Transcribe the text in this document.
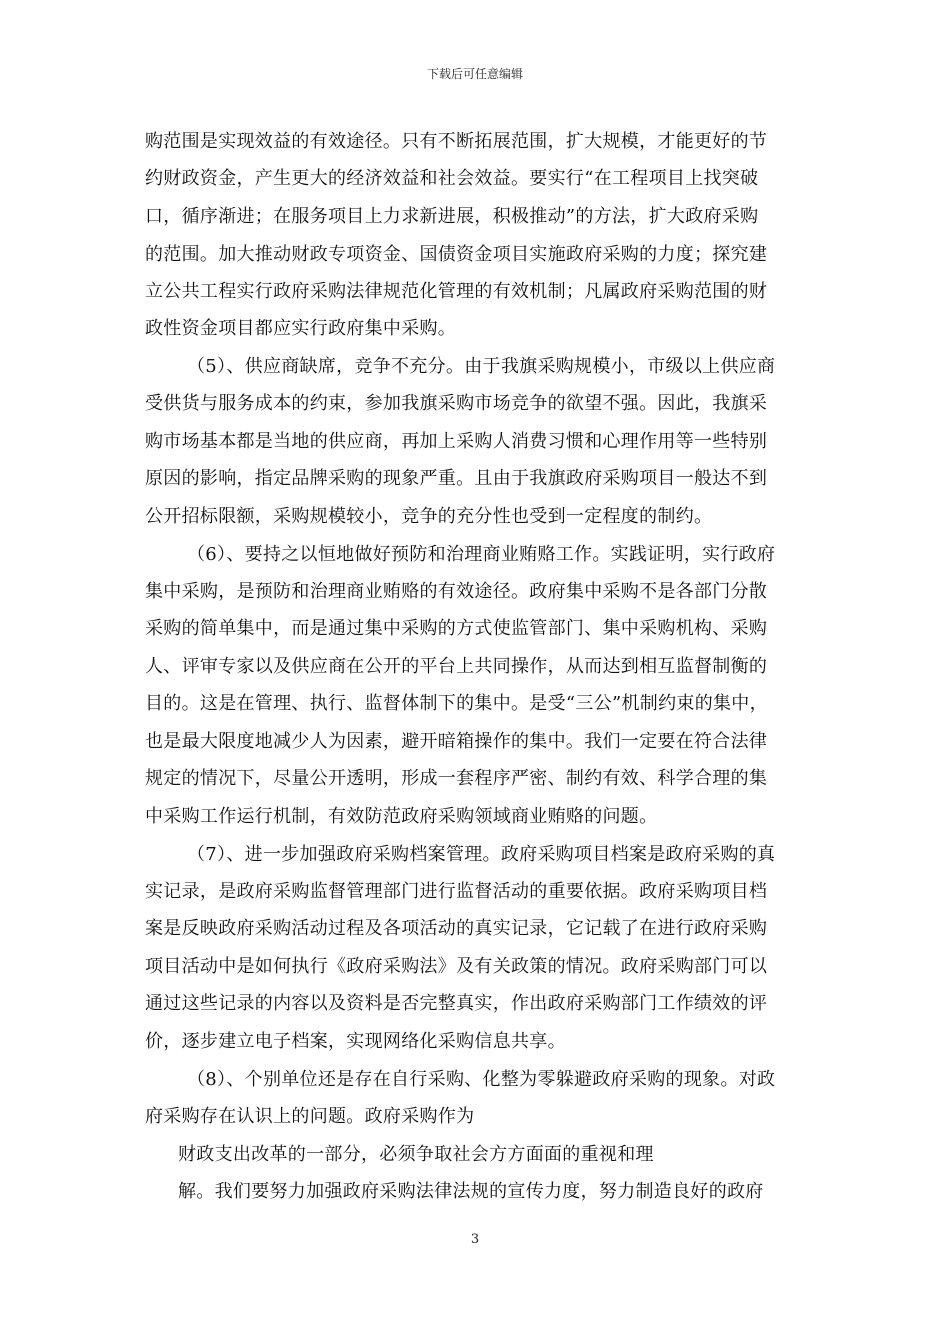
下载后可任意编辑
购范围是实现效益的有效途径。只有不断拓展范围，扩大规模，才能更好的节
约财政资金，产生更大的经济效益和社会效益。要实行“在工程项目上找突破
口，循序渐进；在服务项目上力求新进展，积极推动”的方法，扩大政府采购
的范围。加大推动财政专项资金、国债资金项目实施政府采购的力度；探究建
立公共工程实行政府采购法律规范化管理的有效机制；凡属政府采购范围的财
政性资金项目都应实行政府集中采购。
（5）、供应商缺席，竞争不充分。由于我旗采购规模小，市级以上供应商
受供货与服务成本的约束，参加我旗采购市场竞争的欲望不强。因此，我旗采
购市场基本都是当地的供应商，再加上采购人消费习惯和心理作用等一些特别
原因的影响，指定品牌采购的现象严重。且由于我旗政府采购项目一般达不到
公开招标限额，采购规模较小，竞争的充分性也受到一定程度的制约。
（6）、要持之以恒地做好预防和治理商业贿赂工作。实践证明，实行政府
集中采购，是预防和治理商业贿赂的有效途径。政府集中采购不是各部门分散
采购的简单集中，而是通过集中采购的方式使监管部门、集中采购机构、采购
人、评审专家以及供应商在公开的平台上共同操作，从而达到相互监督制衡的
目的。这是在管理、执行、监督体制下的集中。是受“三公”机制约束的集中，
也是最大限度地减少人为因素，避开暗箱操作的集中。我们一定要在符合法律
规定的情况下，尽量公开透明，形成一套程序严密、制约有效、科学合理的集
中采购工作运行机制，有效防范政府采购领域商业贿赂的问题。
（7）、进一步加强政府采购档案管理。政府采购项目档案是政府采购的真
实记录，是政府采购监督管理部门进行监督活动的重要依据。政府采购项目档
案是反映政府采购活动过程及各项活动的真实记录，它记载了在进行政府采购
项目活动中是如何执行《政府采购法》及有关政策的情况。政府采购部门可以
通过这些记录的内容以及资料是否完整真实，作出政府采购部门工作绩效的评
价，逐步建立电子档案，实现网络化采购信息共享。
（8）、个别单位还是存在自行采购、化整为零躲避政府采购的现象。对政
府采购存在认识上的问题。政府采购作为
财政支出改革的一部分，必须争取社会方方面面的重视和理
解。我们要努力加强政府采购法律法规的宣传力度，努力制造良好的政府
3
